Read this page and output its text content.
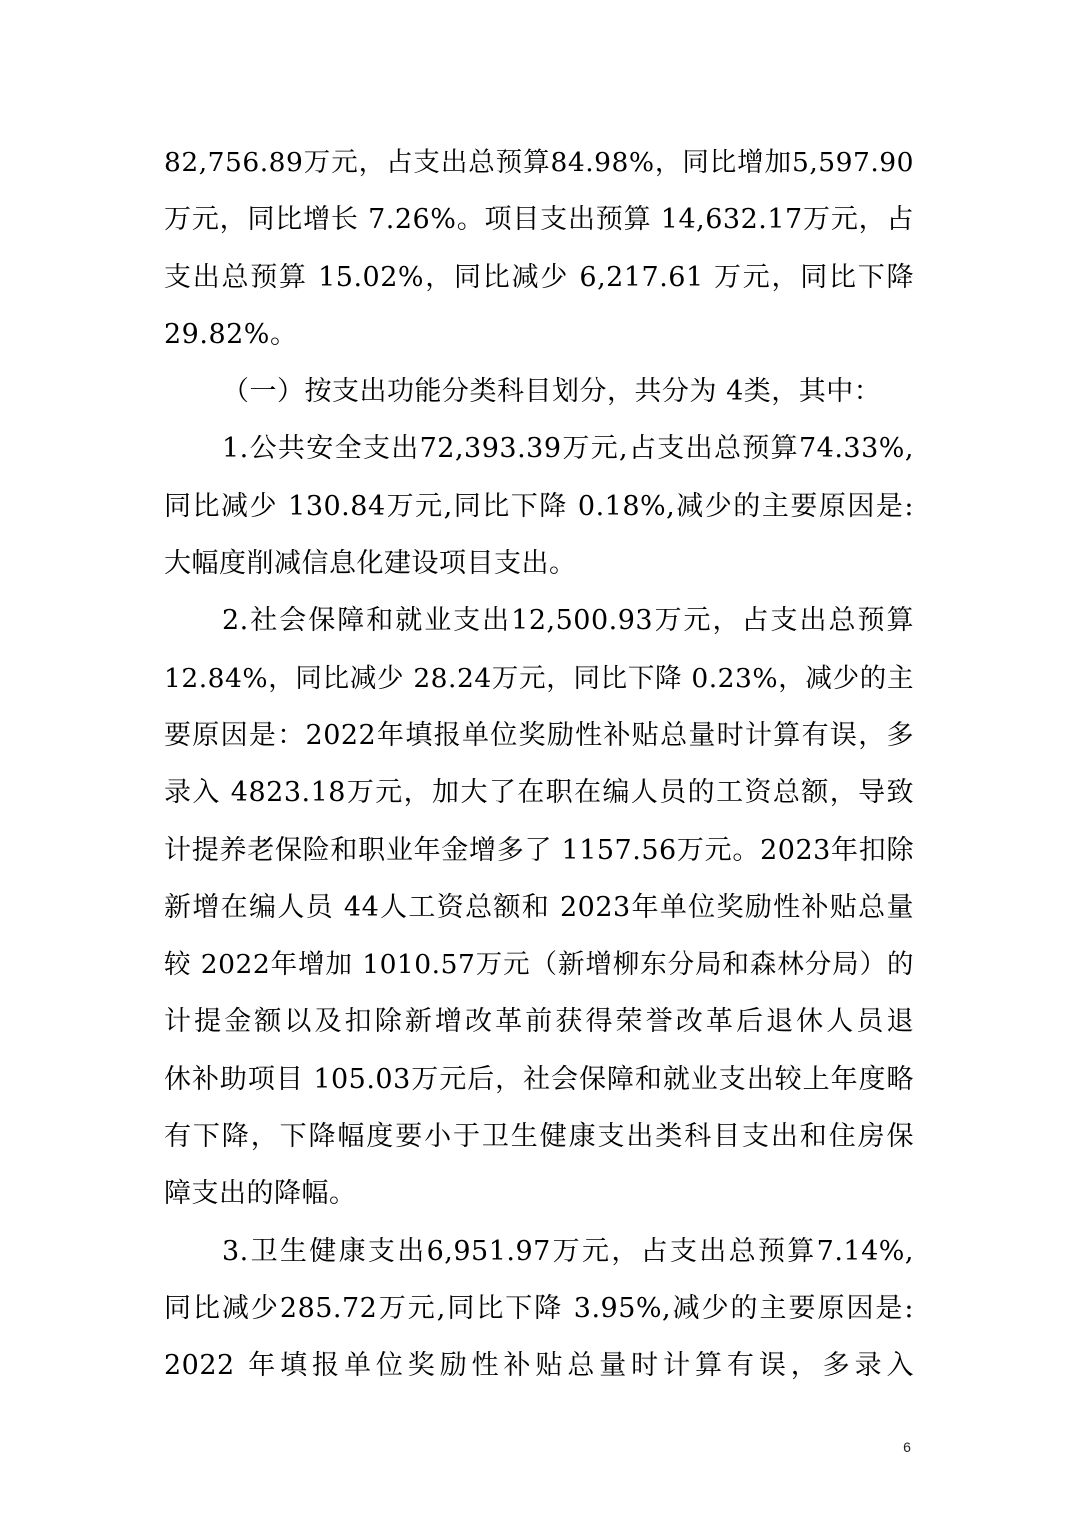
82,756.89万元，占支出总预算84.98%，同比增加5,597.90
万元，同比增长 7.26%。项目支出预算 14,632.17万元，占
支出总预算 15.02%，同比减少 6,217.61 万元，同比下降
29.82%。
（一）按支出功能分类科目划分，共分为 4类，其中：
1.公共安全支出72,393.39万元,占支出总预算74.33%,
同比减少 130.84万元,同比下降 0.18%,减少的主要原因是:
大幅度削减信息化建设项目支出。
2.社会保障和就业支出12,500.93万元，占支出总预算
12.84%，同比减少 28.24万元，同比下降 0.23%，减少的主
要原因是：2022年填报单位奖励性补贴总量时计算有误，多
录入 4823.18万元，加大了在职在编人员的工资总额，导致
计提养老保险和职业年金增多了 1157.56万元。2023年扣除
新增在编人员 44人工资总额和 2023年单位奖励性补贴总量
较 2022年增加 1010.57万元（新增柳东分局和森林分局）的
计提金额以及扣除新增改革前获得荣誉改革后退休人员退
休补助项目 105.03万元后，社会保障和就业支出较上年度略
有下降，下降幅度要小于卫生健康支出类科目支出和住房保
障支出的降幅。
3.卫生健康支出6,951.97万元，占支出总预算7.14%,
同比减少285.72万元,同比下降 3.95%,减少的主要原因是:
2022 年填报单位奖励性补贴总量时计算有误，多录入
6
